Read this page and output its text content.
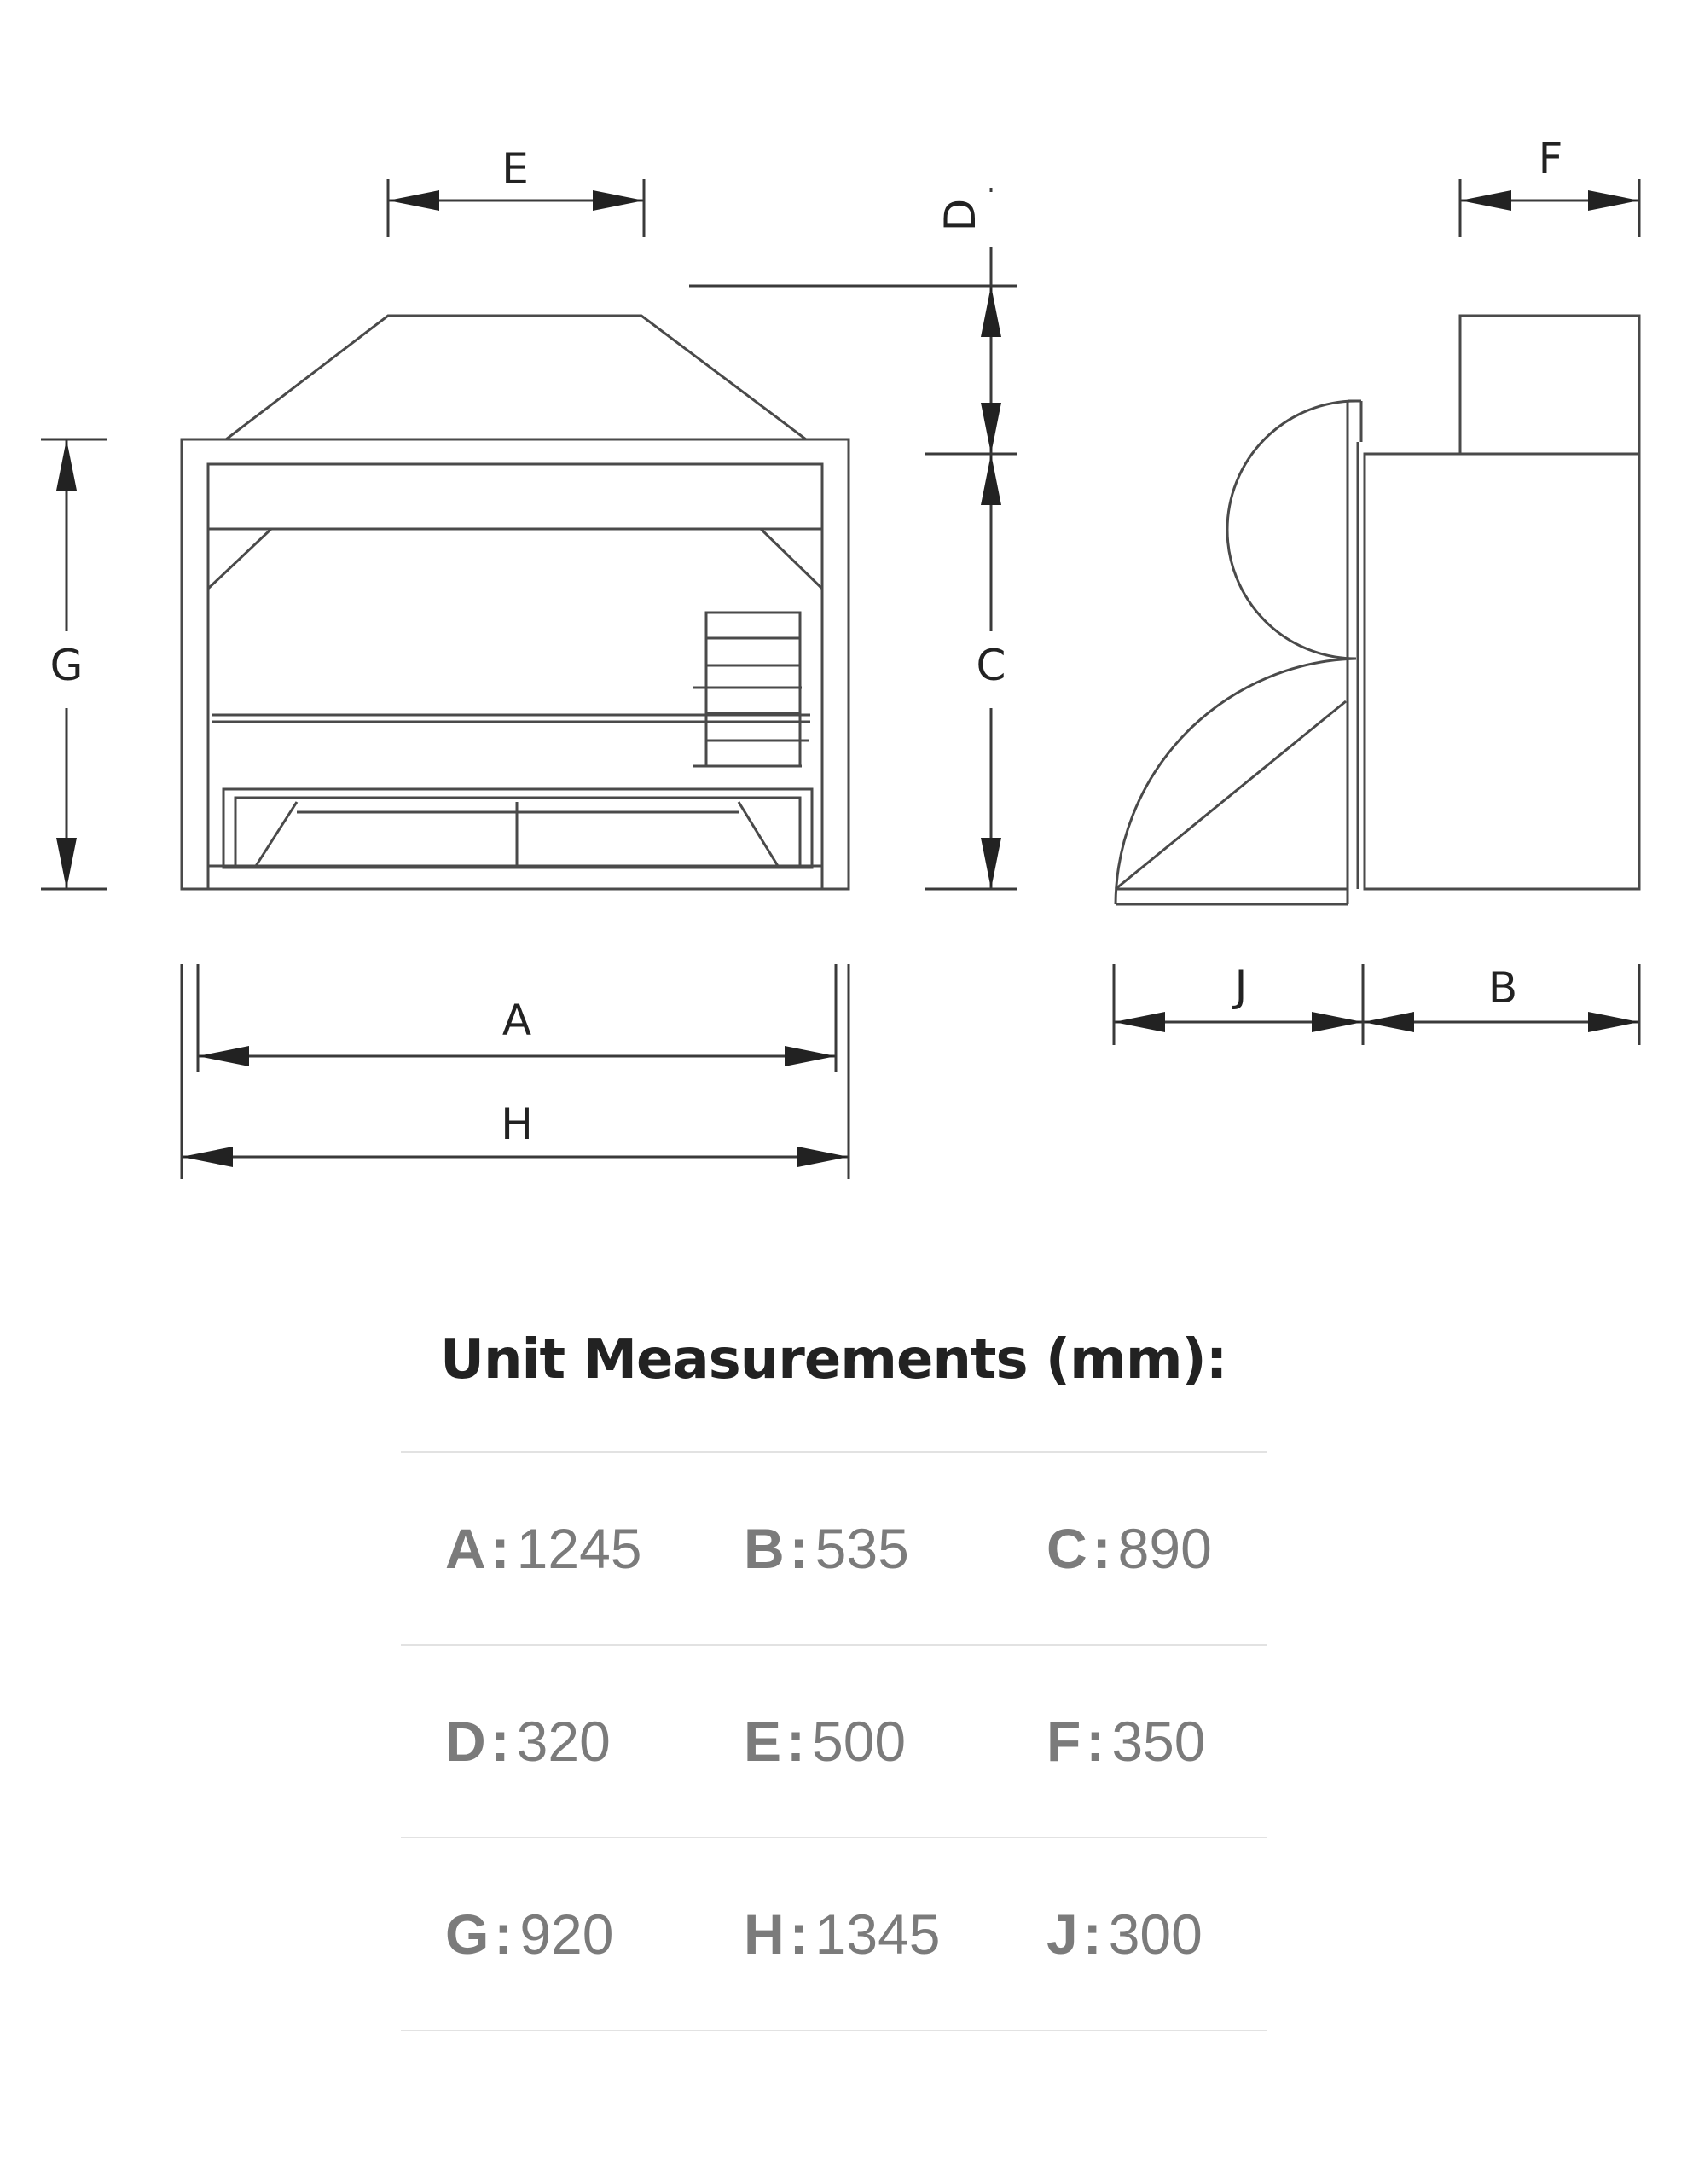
E
D
F
C
G
A
H
J	B
Unit Measurements (mm):
A: 1245 B: 535 C: 890
D: 320 E: 500 F: 350
G: 920 H: 1345 J: 300
